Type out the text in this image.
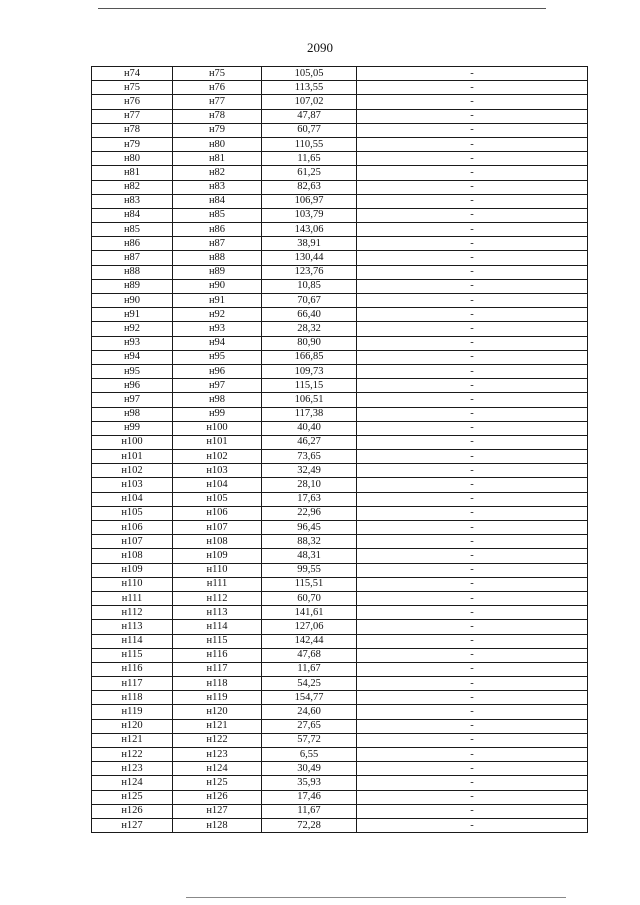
2090
н74	н75	105,05	-
н75	н76	113,55	-
н76	н77	107,02	-
н77	н78	47,87	-
н78	н79	60,77	-
н79	н80	110,55	-
н80	н81	11,65	-
н81	н82	61,25	-
н82	н83	82,63	-
н83	н84	106,97	-
н84	н85	103,79	-
н85	н86	143,06	-
н86	н87	38,91	-
н87	н88	130,44	-
н88	н89	123,76	-
н89	н90	10,85	-
н90	н91	70,67	-
н91	н92	66,40	-
н92	н93	28,32	-
н93	н94	80,90	-
н94	н95	166,85	-
н95	н96	109,73	-
н96	н97	115,15	-
н97	н98	106,51	-
н98	н99	117,38	-
н99	н100	40,40	-
н100	н101	46,27	-
н101	н102	73,65	-
н102	н103	32,49	-
н103	н104	28,10	-
н104	н105	17,63	-
н105	н106	22,96	-
н106	н107	96,45	-
н107	н108	88,32	-
н108	н109	48,31	-
н109	н110	99,55	-
н110	н111	115,51	-
н111	н112	60,70	-
н112	н113	141,61	-
н113	н114	127,06	-
н114	н115	142,44	-
н115	н116	47,68	-
н116	н117	11,67	-
н117	н118	54,25	-
н118	н119	154,77	-
н119	н120	24,60	-
н120	н121	27,65	-
н121	н122	57,72	-
н122	н123	6,55	-
н123	н124	30,49	-
н124	н125	35,93	-
н125	н126	17,46	-
н126	н127	11,67	-
н127	н128	72,28	-
